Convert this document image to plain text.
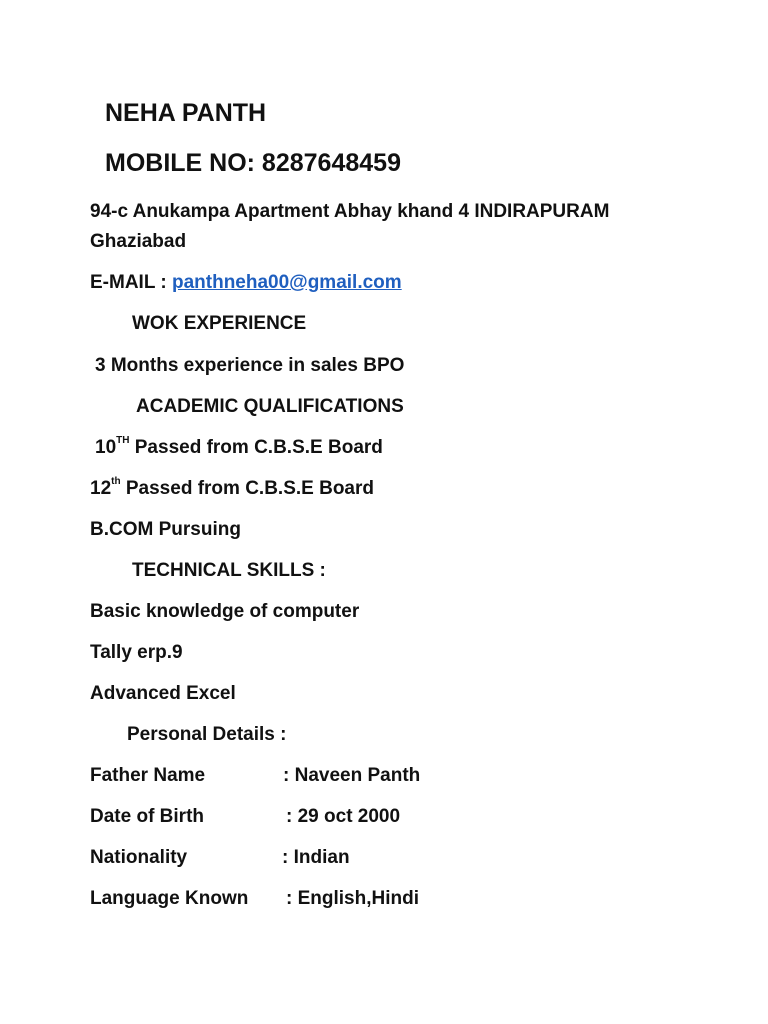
NEHA PANTH
MOBILE NO: 8287648459
94-c Anukampa Apartment Abhay khand 4 INDIRAPURAM
Ghaziabad
E-MAIL : panthneha00@gmail.com
WOK EXPERIENCE
3 Months experience in sales BPO
ACADEMIC QUALIFICATIONS
10TH Passed from C.B.S.E Board
12th Passed from C.B.S.E Board
B.COM Pursuing
TECHNICAL SKILLS :
Basic knowledge of computer
Tally erp.9
Advanced Excel
Personal Details :
Father Name	: Naveen Panth
Date of Birth	: 29 oct 2000
Nationality	: Indian
Language Known : English,Hindi
